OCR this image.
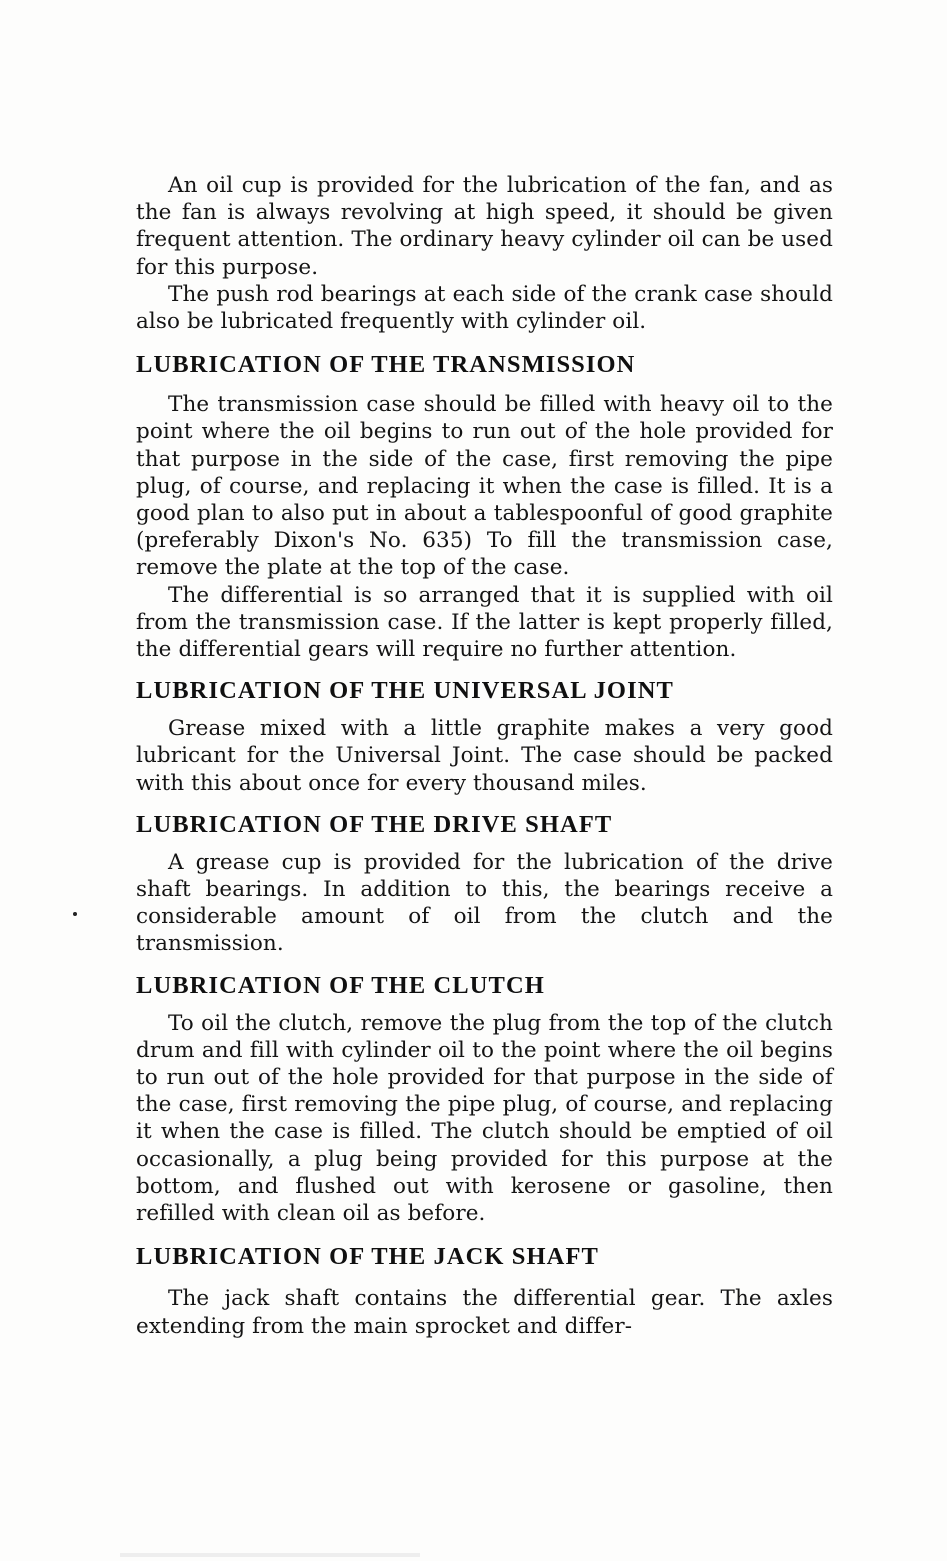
An oil cup is provided for the lubrication of the fan, and as the fan is always revolving at high speed, it should be given frequent attention. The ordinary heavy cylinder oil can be used for this purpose.

The push rod bearings at each side of the crank case should also be lubricated frequently with cylinder oil.

LUBRICATION OF THE TRANSMISSION

The transmission case should be filled with heavy oil to the point where the oil begins to run out of the hole provided for that purpose in the side of the case, first removing the pipe plug, of course, and replacing it when the case is filled. It is a good plan to also put in about a tablespoonful of good graphite (preferably Dixon's No. 635) To fill the transmission case, remove the plate at the top of the case.

The differential is so arranged that it is supplied with oil from the transmission case. If the latter is kept properly filled, the differential gears will require no further attention.

LUBRICATION OF THE UNIVERSAL JOINT

Grease mixed with a little graphite makes a very good lubricant for the Universal Joint. The case should be packed with this about once for every thousand miles.

LUBRICATION OF THE DRIVE SHAFT

A grease cup is provided for the lubrication of the drive shaft bearings. In addition to this, the bearings receive a considerable amount of oil from the clutch and the transmission.

LUBRICATION OF THE CLUTCH

To oil the clutch, remove the plug from the top of the clutch drum and fill with cylinder oil to the point where the oil begins to run out of the hole provided for that purpose in the side of the case, first removing the pipe plug, of course, and replacing it when the case is filled. The clutch should be emptied of oil occasionally, a plug being provided for this purpose at the bottom, and flushed out with kerosene or gasoline, then refilled with clean oil as before.

LUBRICATION OF THE JACK SHAFT

The jack shaft contains the differential gear. The axles extending from the main sprocket and differ-
